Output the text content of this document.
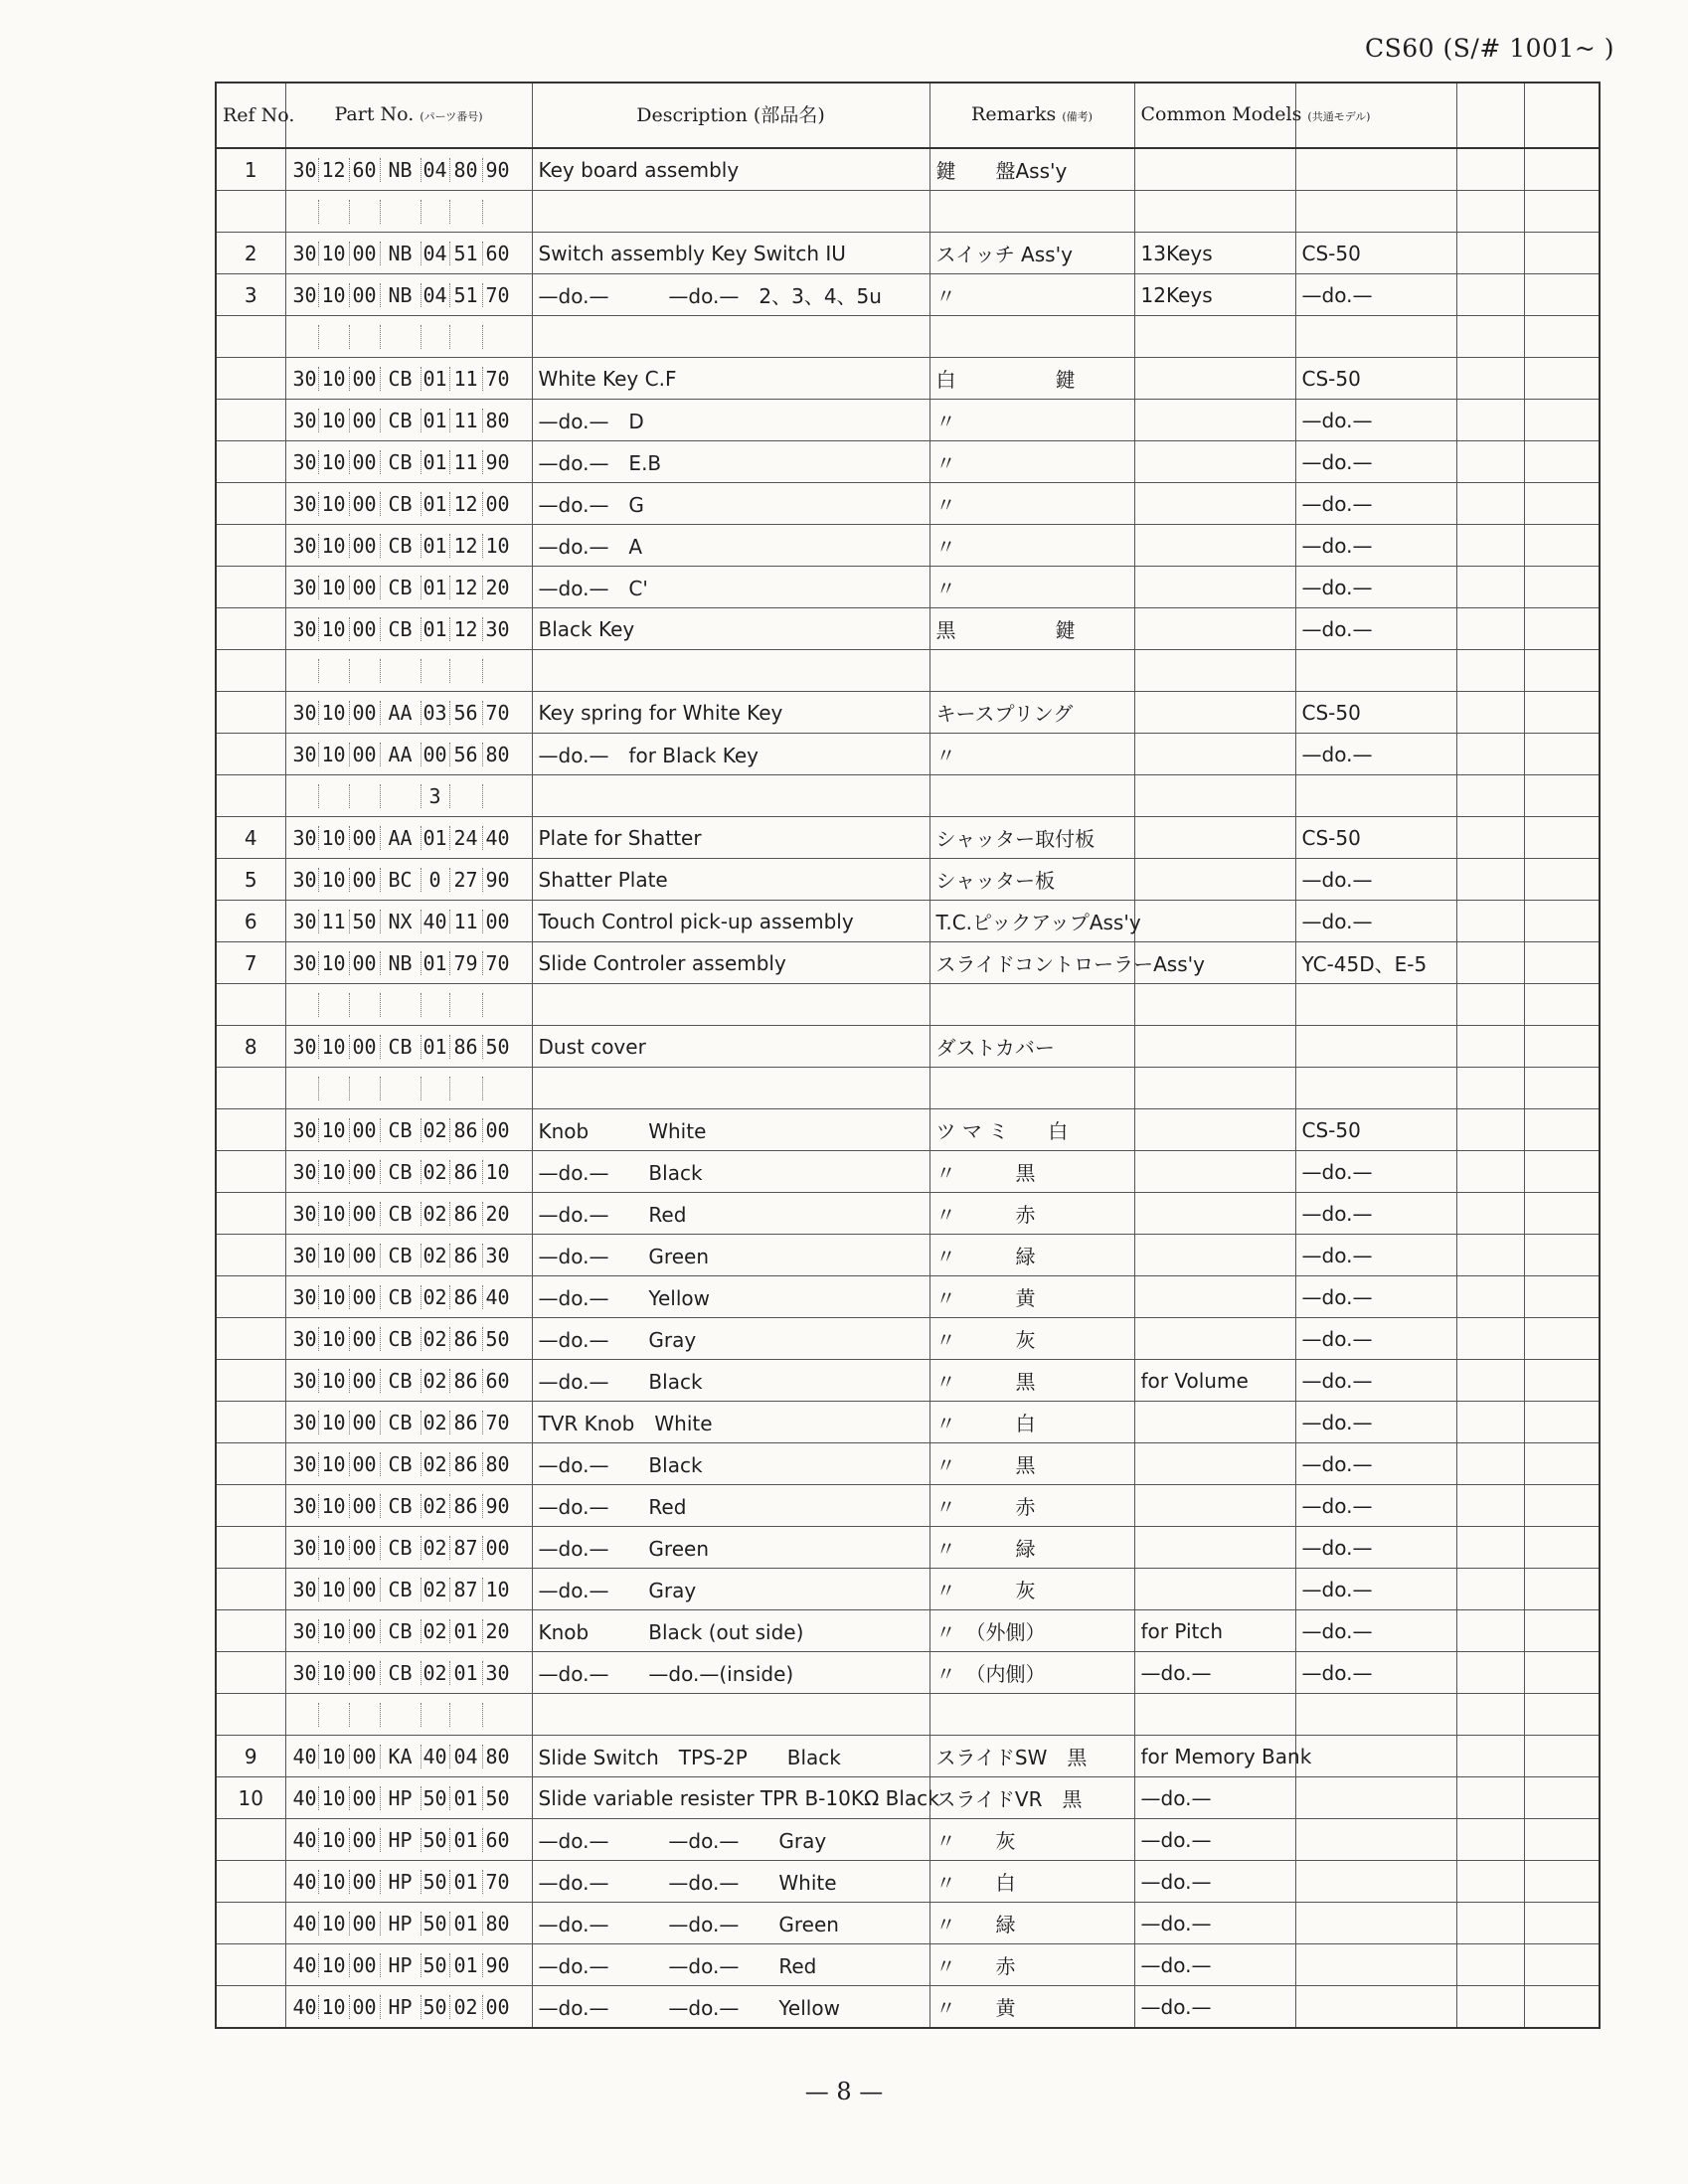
CS60 (S/# 1001~ )
Ref No.	Part No. (パーツ番号)	Description (部品名)	Remarks (備考)	Common Models (共通モデル)				
1	30 12 60 NB 04 80 90	Key board assembly	鍵　　盤Ass'y					

2	30 10 00 NB 04 51 60	Switch assembly Key Switch IU	スイッチ Ass'y	13Keys	CS-50			
3	30 10 00 NB 04 51 70	—do.—　　　—do.—　2、3、4、5u	〃	12Keys	—do.—			

	30 10 00 CB 01 11 70	White Key C.F	白　　　　　鍵		CS-50			
	30 10 00 CB 01 11 80	—do.—　D	〃		—do.—			
	30 10 00 CB 01 11 90	—do.—　E.B	〃		—do.—			
	30 10 00 CB 01 12 00	—do.—　G	〃		—do.—			
	30 10 00 CB 01 12 10	—do.—　A	〃		—do.—			
	30 10 00 CB 01 12 20	—do.—　C'	〃		—do.—			
	30 10 00 CB 01 12 30	Black Key	黒　　　　　鍵		—do.—			

	30 10 00 AA 03 56 70	Key spring for White Key	キースプリング		CS-50			
	30 10 00 AA 00 56 80	—do.—　for Black Key	〃		—do.—			
	3							
4	30 10 00 AA 01 24 40	Plate for Shatter	シャッター取付板		CS-50			
5	30 10 00 BC 0 27 90	Shatter Plate	シャッター板		—do.—			
6	30 11 50 NX 40 11 00	Touch Control pick-up assembly	T.C.ピックアップAss'y		—do.—			
7	30 10 00 NB 01 79 70	Slide Controler assembly	スライドコントローラーAss'y		YC-45D、E-5			

8	30 10 00 CB 01 86 50	Dust cover	ダストカバー					

	30 10 00 CB 02 86 00	Knob　　　White	ツ マ ミ　　白		CS-50			
	30 10 00 CB 02 86 10	—do.—　　Black	〃　　　黒		—do.—			
	30 10 00 CB 02 86 20	—do.—　　Red	〃　　　赤		—do.—			
	30 10 00 CB 02 86 30	—do.—　　Green	〃　　　緑		—do.—			
	30 10 00 CB 02 86 40	—do.—　　Yellow	〃　　　黄		—do.—			
	30 10 00 CB 02 86 50	—do.—　　Gray	〃　　　灰		—do.—			
	30 10 00 CB 02 86 60	—do.—　　Black	〃　　　黒	for Volume	—do.—			
	30 10 00 CB 02 86 70	TVR Knob　White	〃　　　白		—do.—			
	30 10 00 CB 02 86 80	—do.—　　Black	〃　　　黒		—do.—			
	30 10 00 CB 02 86 90	—do.—　　Red	〃　　　赤		—do.—			
	30 10 00 CB 02 87 00	—do.—　　Green	〃　　　緑		—do.—			
	30 10 00 CB 02 87 10	—do.—　　Gray	〃　　　灰		—do.—			
	30 10 00 CB 02 01 20	Knob　　　Black (out side)	〃　（外側）	for Pitch	—do.—			
	30 10 00 CB 02 01 30	—do.—　　—do.—(inside)	〃　（内側）	—do.—	—do.—			

9	40 10 00 KA 40 04 80	Slide Switch　TPS-2P　　Black	スライドSW　黒	for Memory Bank				
10	40 10 00 HP 50 01 50	Slide variable resister TPR B-10KΩ Black	スライドVR　黒	—do.—				
	40 10 00 HP 50 01 60	—do.—　　　—do.—　　Gray	〃　　灰	—do.—				
	40 10 00 HP 50 01 70	—do.—　　　—do.—　　White	〃　　白	—do.—				
	40 10 00 HP 50 01 80	—do.—　　　—do.—　　Green	〃　　緑	—do.—				
	40 10 00 HP 50 01 90	—do.—　　　—do.—　　Red	〃　　赤	—do.—				
	40 10 00 HP 50 02 00	—do.—　　　—do.—　　Yellow	〃　　黄	—do.—				
— 8 —
